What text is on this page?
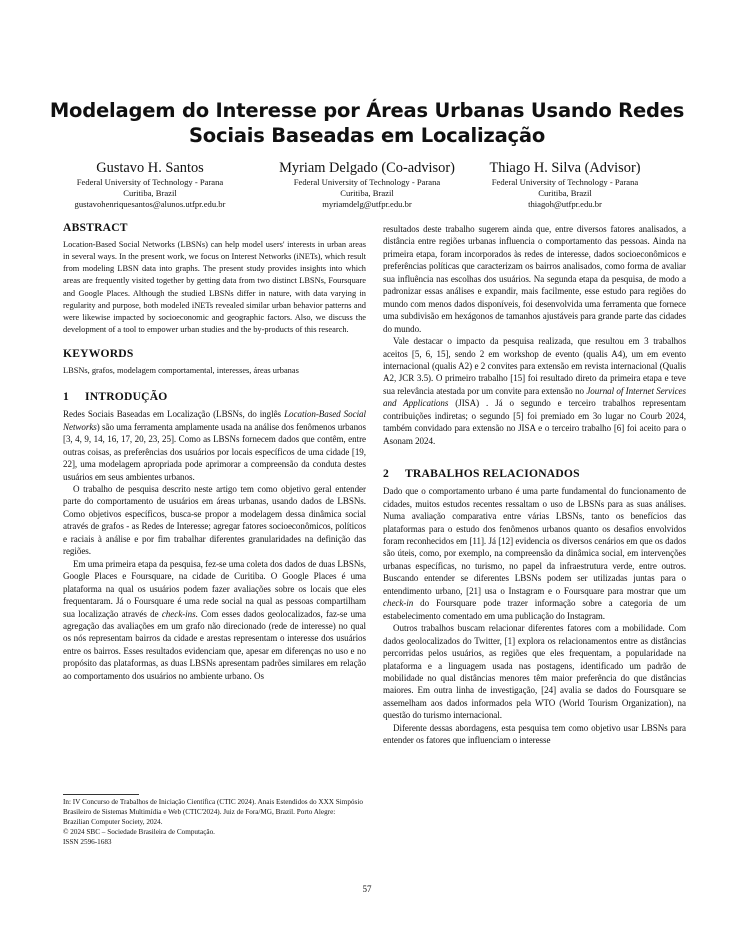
Modelagem do Interesse por Áreas Urbanas Usando Redes Sociais Baseadas em Localização
Gustavo H. Santos
Federal University of Technology - Parana
Curitiba, Brazil
gustavohenriquesantos@alunos.utfpr.edu.br
Myriam Delgado (Co-advisor)
Federal University of Technology - Parana
Curitiba, Brazil
myriamdelg@utfpr.edu.br
Thiago H. Silva (Advisor)
Federal University of Technology - Parana
Curitiba, Brazil
thiagoh@utfpr.edu.br
ABSTRACT

Location-Based Social Networks (LBSNs) can help model users' interests in urban areas in several ways. In the present work, we focus on Interest Networks (iNETs), which result from modeling LBSN data into graphs. The present study provides insights into which areas are frequently visited together by getting data from two distinct LBSNs, Foursquare and Google Places. Although the studied LBSNs differ in nature, with data varying in regularity and purpose, both modeled iNETs revealed similar urban behavior patterns and were likewise impacted by socioeconomic and geographic factors. Also, we discuss the development of a tool to empower urban studies and the by-products of this research.

KEYWORDS

LBSNs, grafos, modelagem comportamental, interesses, áreas urbanas

1 INTRODUÇÃO

Redes Sociais Baseadas em Localização (LBSNs, do inglês Location-Based Social Networks) são uma ferramenta amplamente usada na análise dos fenômenos urbanos [3, 4, 9, 14, 16, 17, 20, 23, 25]. Como as LBSNs fornecem dados que contêm, entre outras coisas, as preferências dos usuários por locais específicos de uma cidade [19, 22], uma modelagem apropriada pode aprimorar a compreensão da conduta destes usuários em seus ambientes urbanos.

O trabalho de pesquisa descrito neste artigo tem como objetivo geral entender parte do comportamento de usuários em áreas urbanas, usando dados de LBSNs. Como objetivos específicos, busca-se propor a modelagem dessa dinâmica social através de grafos - as Redes de Interesse; agregar fatores socioeconômicos, políticos e raciais à análise e por fim trabalhar diferentes granularidades na definição das regiões.

Em uma primeira etapa da pesquisa, fez-se uma coleta dos dados de duas LBSNs, Google Places e Foursquare, na cidade de Curitiba. O Google Places é uma plataforma na qual os usuários podem fazer avaliações sobre os locais que eles frequentaram. Já o Foursquare é uma rede social na qual as pessoas compartilham sua localização através de check-ins. Com esses dados geolocalizados, faz-se uma agregação das avaliações em um grafo não direcionado (rede de interesse) no qual os nós representam bairros da cidade e arestas representam o interesse dos usuários entre os bairros. Esses resultados evidenciam que, apesar em diferenças no uso e no propósito das plataformas, as duas LBSNs apresentam padrões similares em relação ao comportamento dos usuários no ambiente urbano. Os

In: IV Concurso de Trabalhos de Iniciação Científica (CTIC 2024). Anais Estendidos do XXX Simpósio Brasileiro de Sistemas Multimídia e Web (CTIC'2024). Juiz de Fora/MG, Brazil. Porto Alegre: Brazilian Computer Society, 2024.
© 2024 SBC – Sociedade Brasileira de Computação.
ISSN 2596-1683

resultados deste trabalho sugerem ainda que, entre diversos fatores analisados, a distância entre regiões urbanas influencia o comportamento das pessoas. Ainda na primeira etapa, foram incorporados às redes de interesse, dados socioeconômicos e preferências políticas que caracterizam os bairros analisados, como forma de avaliar sua influência nas escolhas dos usuários. Na segunda etapa da pesquisa, de modo a padronizar essas análises e expandir, mais facilmente, esse estudo para regiões do mundo com menos dados disponíveis, foi desenvolvida uma ferramenta que fornece uma subdivisão em hexágonos de tamanhos ajustáveis para grande parte das cidades do mundo.

Vale destacar o impacto da pesquisa realizada, que resultou em 3 trabalhos aceitos [5, 6, 15], sendo 2 em workshop de evento (qualis A4), um em evento internacional (qualis A2) e 2 convites para extensão em revista internacional (Qualis A2, JCR 3.5). O primeiro trabalho [15] foi resultado direto da primeira etapa e teve sua relevância atestada por um convite para extensão no Journal of Internet Services and Applications (JISA) . Já o segundo e terceiro trabalhos representam contribuições indiretas; o segundo [5] foi premiado em 3o lugar no Courb 2024, também convidado para extensão no JISA e o terceiro trabalho [6] foi aceito para o Asonam 2024.

2 TRABALHOS RELACIONADOS

Dado que o comportamento urbano é uma parte fundamental do funcionamento de cidades, muitos estudos recentes ressaltam o uso de LBSNs para as suas análises. Numa avaliação comparativa entre várias LBSNs, tanto os benefícios das plataformas para o estudo dos fenômenos urbanos quanto os desafios envolvidos foram reconhecidos em [11]. Já [12] evidencia os diversos cenários em que os dados são úteis, como, por exemplo, na compreensão da dinâmica social, em intervenções urbanas específicas, no turismo, no papel da infraestrutura verde, entre outros. Buscando entender se diferentes LBSNs podem ser utilizadas juntas para o entendimento urbano, [21] usa o Instagram e o Foursquare para mostrar que um check-in do Foursquare pode trazer informação sobre a categoria de um estabelecimento comentado em uma publicação do Instagram.

Outros trabalhos buscam relacionar diferentes fatores com a mobilidade. Com dados geolocalizados do Twitter, [1] explora os relacionamentos entre as distâncias percorridas pelos usuários, as regiões que eles frequentam, a popularidade na plataforma e a linguagem usada nas postagens, identificado um padrão de mobilidade no qual distâncias menores têm maior preferência do que distâncias maiores. Em outra linha de investigação, [24] avalia se dados do Foursquare se assemelham aos dados informados pela WTO (World Tourism Organization), na questão do turismo internacional.

Diferente dessas abordagens, esta pesquisa tem como objetivo usar LBSNs para entender os fatores que influenciam o interesse

57
